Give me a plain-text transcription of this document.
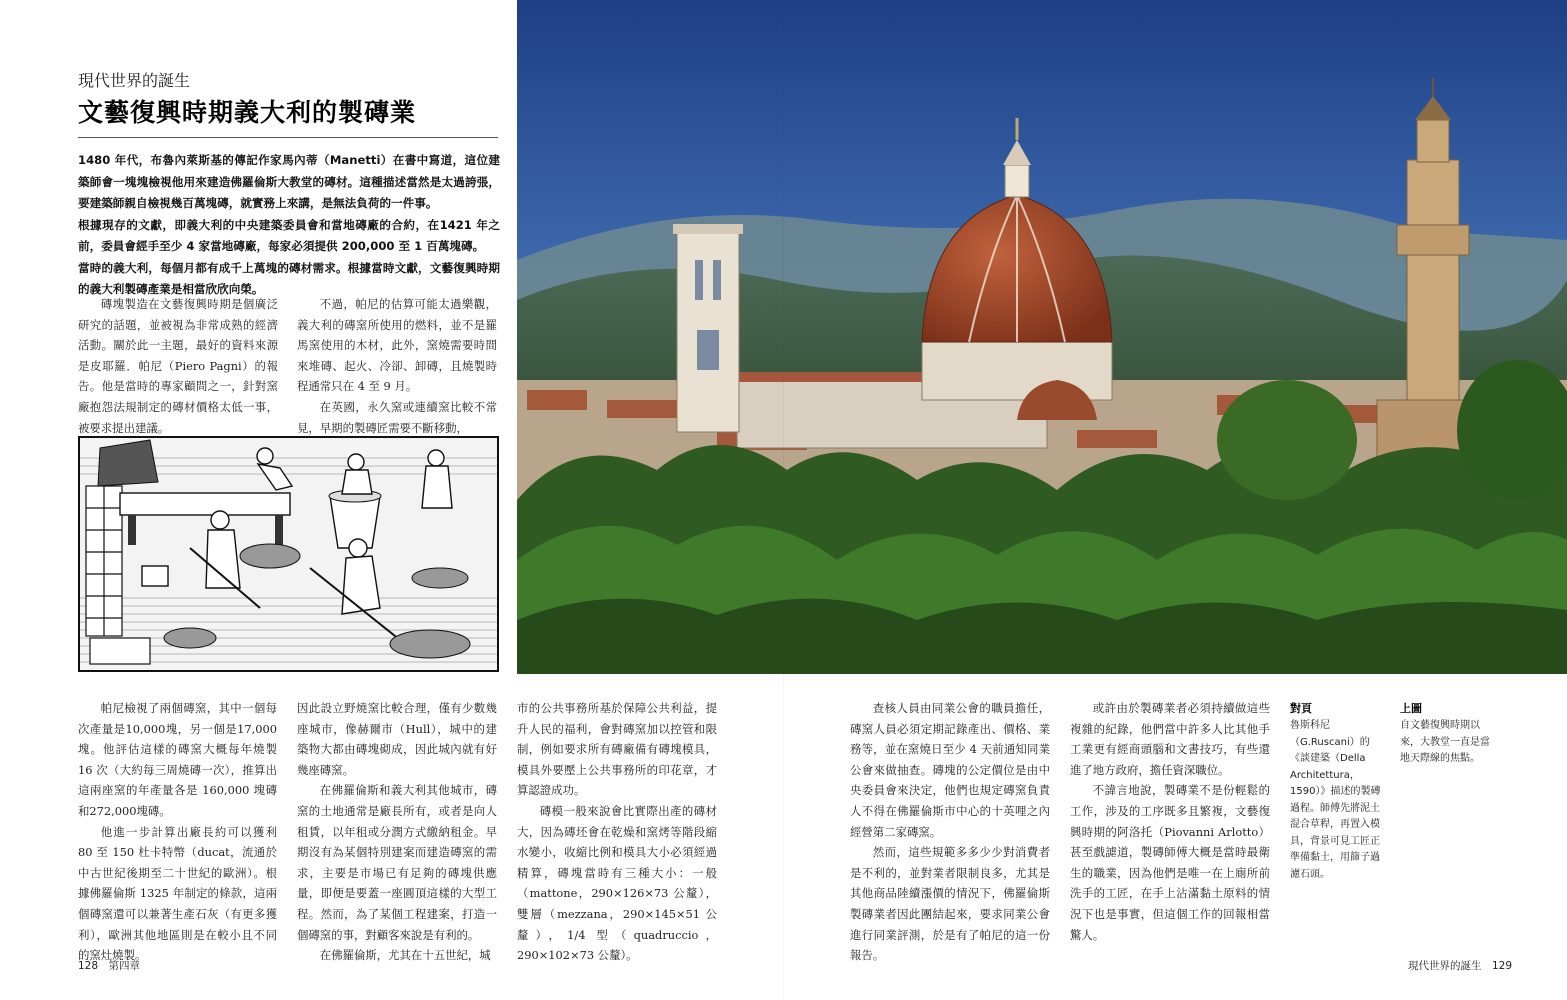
現代世界的誕生
文藝復興時期義大利的製磚業

1480 年代，布魯內萊斯基的傳記作家馬內蒂（Manetti）在書中寫道，這位建築師會一塊塊檢視他用來建造佛羅倫斯大教堂的磚材。這種描述當然是太過誇張，要建築師親自檢視幾百萬塊磚，就實務上來講，是無法負荷的一件事。

根據現存的文獻，即義大利的中央建築委員會和當地磚廠的合約，在1421 年之前，委員會經手至少 4 家當地磚廠，每家必須提供 200,000 至 1 百萬塊磚。

當時的義大利，每個月都有成千上萬塊的磚材需求。根據當時文獻，文藝復興時期的義大利製磚產業是相當欣欣向榮。

磚塊製造在文藝復興時期是個廣泛研究的話題，並被視為非常成熟的經濟活動。關於此一主題，最好的資料來源是皮耶羅．帕尼（Piero Pagni）的報告。他是當時的專家顧問之一，針對窯廠抱怨法規制定的磚材價格太低一事，被要求提出建議。

不過，帕尼的估算可能太過樂觀，義大利的磚窯所使用的燃料，並不是羅馬窯使用的木材，此外，窯燒需要時間來堆磚、起火、冷卻、卸磚，且燒製時程通常只在 4 至 9 月。

在英國，永久窯或連續窯比較不常見，早期的製磚匠需要不斷移動，

帕尼檢視了兩個磚窯，其中一個每次產量是10,000塊，另一個是17,000塊。他評估這樣的磚窯大概每年燒製 16 次（大約每三周燒磚一次），推算出這兩座窯的年產量各是 160,000 塊磚和272,000塊磚。

他進一步計算出廠長約可以獲利 80 至 150 杜卡特幣（ducat，流通於中古世紀後期至二十世紀的歐洲）。根據佛羅倫斯 1325 年制定的條款，這兩個磚窯還可以兼著生產石灰（有更多獲利），歐洲其他地區則是在較小且不同的窯灶燒製。

因此設立野燒窯比較合理，僅有少數幾座城市，像赫爾市（Hull），城中的建築物大都由磚塊砌成，因此城內就有好幾座磚窯。

在佛羅倫斯和義大利其他城市，磚窯的土地通常是廠長所有，或者是向人租賃，以年租或分潤方式繳納租金。早期沒有為某個特別建案而建造磚窯的需求，主要是市場已有足夠的磚塊供應量，即便是要蓋一座圓頂這樣的大型工程。然而，為了某個工程建案，打造一個磚窯的事，對顧客來說是有利的。

在佛羅倫斯，尤其在十五世紀，城

市的公共事務所基於保障公共利益，提升人民的福利，會對磚窯加以控管和限制，例如要求所有磚廠備有磚塊模具，模具外要壓上公共事務所的印花章，才算認證成功。

磚模一般來說會比實際出產的磚材大，因為磚坯會在乾燥和窯烤等階段縮水變小，收縮比例和模具大小必須經過精算，磚塊當時有三種大小：一般（mattone，290×126×73 公釐），雙層（mezzana，290×145×51 公釐），1/4 型（quadruccio，290×102×73 公釐）。

查核人員由同業公會的職員擔任，磚窯人員必須定期記錄產出、價格、業務等，並在窯燒日至少 4 天前通知同業公會來做抽查。磚塊的公定價位是由中央委員會來決定，他們也規定磚窯負責人不得在佛羅倫斯市中心的十英哩之內經營第二家磚窯。

然而，這些規範多多少少對消費者是不利的，並對業者限制良多，尤其是其他商品陸續漲價的情況下，佛羅倫斯製磚業者因此團結起來，要求同業公會進行同業評測，於是有了帕尼的這一份報告。

或許由於製磚業者必須持續做這些複雜的紀錄，他們當中許多人比其他手工業更有經商頭腦和文書技巧，有些還進了地方政府，擔任資深職位。

不諱言地說，製磚業不是份輕鬆的工作，涉及的工序既多且繁複，文藝復興時期的阿洛托（Piovanni Arlotto）甚至戲謔道，製磚師傅大概是當時最衛生的職業，因為他們是唯一在上廁所前洗手的工匠，在手上沾滿黏土原料的情況下也是事實，但這個工作的回報相當驚人。

對頁
魯斯科尼（G.Ruscani）的《談建築（Della Architettura，1590）》描述的製磚過程。師傅先將泥土混合草稈，再置入模具，背景可見工匠正準備黏土，用篩子過濾石頭。
上圖
自文藝復興時期以來，大教堂一直是當地天際線的焦點。
128　第四章	現代世界的誕生　129
